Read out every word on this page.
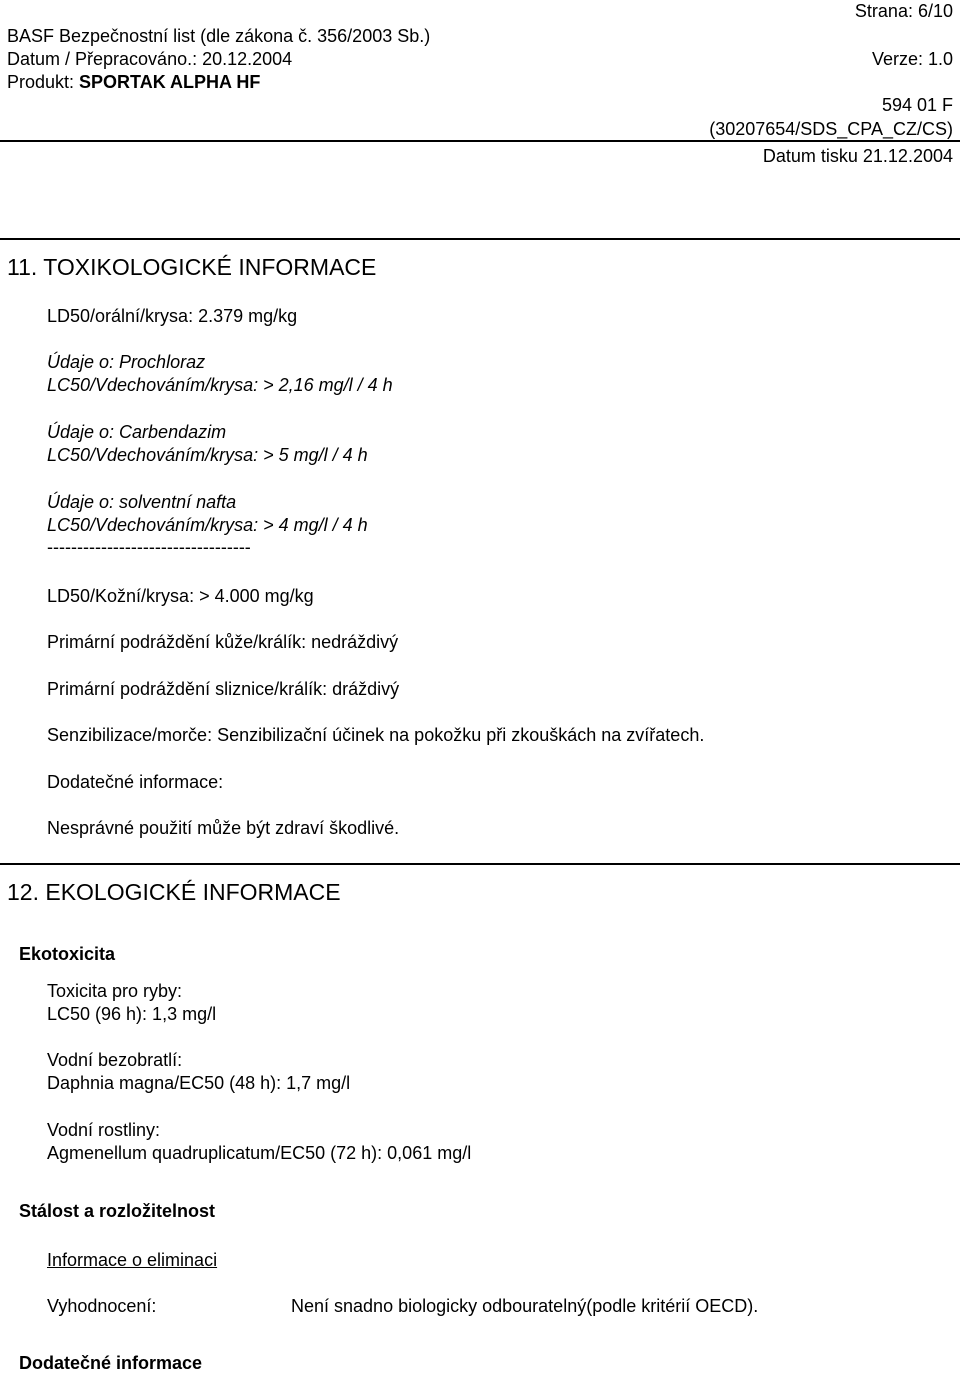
Strana: 6/10
BASF Bezpečnostní list (dle zákona č. 356/2003 Sb.)
Datum / Přepracováno.: 20.12.2004	Verze: 1.0
Produkt: SPORTAK ALPHA HF
594 01 F
(30207654/SDS_CPA_CZ/CS)
Datum tisku 21.12.2004
11. TOXIKOLOGICKÉ INFORMACE
LD50/orální/krysa: 2.379 mg/kg
Údaje o: Prochloraz
LC50/Vdechováním/krysa: > 2,16 mg/l / 4 h
Údaje o: Carbendazim
LC50/Vdechováním/krysa: > 5 mg/l / 4 h
Údaje o: solventní nafta
LC50/Vdechováním/krysa: > 4 mg/l / 4 h
----------------------------------
LD50/Kožní/krysa: > 4.000 mg/kg
Primární podráždění kůže/králík: nedráždivý
Primární podráždění sliznice/králík: dráždivý
Senzibilizace/morče: Senzibilizační účinek na pokožku při zkouškách na zvířatech.
Dodatečné informace:
Nesprávné použití může být zdraví škodlivé.
12. EKOLOGICKÉ INFORMACE
Ekotoxicita
Toxicita pro ryby:
LC50 (96 h): 1,3 mg/l
Vodní bezobratlí:
Daphnia magna/EC50 (48 h): 1,7 mg/l
Vodní rostliny:
Agmenellum quadruplicatum/EC50 (72 h): 0,061 mg/l
Stálost a rozložitelnost
Informace o eliminaci
Vyhodnocení:	Není snadno biologicky odbouratelný(podle kritérií OECD).
Dodatečné informace
